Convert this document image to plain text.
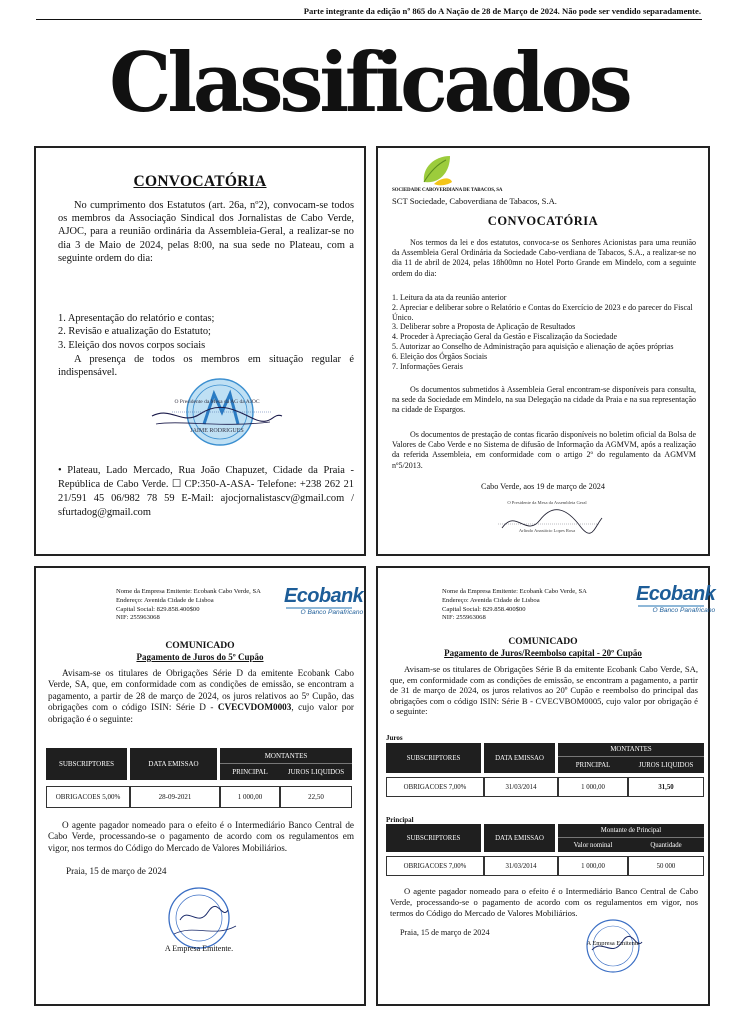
Parte integrante da edição nº 865 do A Nação de 28 de Março de 2024. Não pode ser vendido separadamente.
Classificados
CONVOCATÓRIA
No cumprimento dos Estatutos (art. 26a, nº2), convocam-se todos os membros da Associação Sindical dos Jornalistas de Cabo Verde, AJOC, para a reunião ordinária da Assembleia-Geral, a realizar-se no dia 3 de Maio de 2024, pelas 8:00, na sua sede no Plateau, com a seguinte ordem do dia:
1. Apresentação do relatório e contas;
2. Revisão e atualização do Estatuto;
3. Eleição dos novos corpos sociais
A presença de todos os membros em situação regular é indispensável.
O Presidente da Mesa da AG da AJOC
JAIME RODRIGUES
• Plateau, Lado Mercado, Rua João Chapuzet, Cidade da Praia - República de Cabo Verde. ☐ CP:350-A-ASA- Telefone: +238 262 21 21/591 45 06/982 78 59 E-Mail: ajocjornalistascv@gmail.com / sfurtadog@gmail.com
SOCIEDADE CABOVERDIANA DE TABACOS, SA
SCT Sociedade, Caboverdiana de Tabacos, S.A.
CONVOCATÓRIA
Nos termos da lei e dos estatutos, convoca-se os Senhores Acionistas para uma reunião da Assembleia Geral Ordinária da Sociedade Cabo-verdiana de Tabacos, S.A., a realizar-se no dia 11 de abril de 2024, pelas 18h00mn no Hotel Porto Grande em Mindelo, com a seguinte ordem do dia:
1. Leitura da ata da reunião anterior
2. Apreciar e deliberar sobre o Relatório e Contas do Exercício de 2023 e do parecer do Fiscal Único.
3. Deliberar sobre a Proposta de Aplicação de Resultados
4. Proceder à Apreciação Geral da Gestão e Fiscalização da Sociedade
5. Autorizar ao Conselho de Administração para aquisição e alienação de ações próprias
6. Eleição dos Órgãos Sociais
7. Informações Gerais
Os documentos submetidos à Assembleia Geral encontram-se disponíveis para consulta, na sede da Sociedade em Mindelo, na sua Delegação na cidade da Praia e na sua representação na cidade de Espargos.
Os documentos de prestação de contas ficarão disponíveis no boletim oficial da Bolsa de Valores de Cabo Verde e no Sistema de difusão de Informação da AGMVM, após a realização da referida Assembleia, em conformidade com o artigo 2º do regulamento da AGMVM nº5/2013.
Cabo Verde, aos 19 de março de 2024
O Presidente da Mesa da Assembleia Geral
Arlindo Anastácio Lopes Rosa
Nome da Empresa Emitente: Ecobank Cabo Verde, SA
Endereço: Avenida Cidade de Lisboa
Capital Social: 829.858.400$00
NIF: 255963068
Ecobank
O Banco Panafricano
COMUNICADO
Pagamento de Juros do 5º Cupão
Avisam-se os titulares de Obrigações Série D da emitente Ecobank Cabo Verde, SA, que, em conformidade com as condições de emissão, se encontram a pagamento, a partir de 28 de março de 2024, os juros relativos ao 5º Cupão, das obrigações com o código ISIN: Série D - CVECVDOM0003, cujo valor por obrigação é o seguinte:
SUBSCRIPTORES	DATA EMISSAO	MONTANTES	
		PRINCIPAL	JUROS LIQUIDOS

OBRIGACOES 5,00%	28-09-2021	1 000,00	22,50
O agente pagador nomeado para o efeito é o Intermediário Banco Central de Cabo Verde, processando-se o pagamento de acordo com os regulamentos em vigor, nos termos do Código do Mercado de Valores Mobiliários.
Praia, 15 de março de 2024
A Empresa Emitente.
Nome da Empresa Emitente: Ecobank Cabo Verde, SA
Endereço: Avenida Cidade de Lisboa
Capital Social: 829.858.400$00
NIF: 255963068
Ecobank
O Banco Panafricano
COMUNICADO
Pagamento de Juros/Reembolso capital - 20º Cupão
Avisam-se os titulares de Obrigações Série B da emitente Ecobank Cabo Verde, SA, que, em conformidade com as condições de emissão, se encontram a pagamento, a partir de 31 de março de 2024, os juros relativos ao 20º Cupão e reembolso do principal das obrigações com o código ISIN: Série B - CVECVBOM0005, cujo valor por obrigação é o seguinte:
Juros
SUBSCRIPTORES	DATA EMISSAO	MONTANTES	
		PRINCIPAL	JUROS LIQUIDOS

OBRIGACOES 7,00%	31/03/2014	1 000,00	31,50
Principal
SUBSCRIPTORES	DATA EMISSAO	Montante de Principal	
		Valor nominal	Quantidade

OBRIGACOES 7,00%	31/03/2014	1 000,00	50 000
O agente pagador nomeado para o efeito é o Intermediário Banco Central de Cabo Verde, processando-se o pagamento de acordo com os regulamentos em vigor, nos termos do Código do Mercado de Valores Mobiliários.
Praia, 15 de março de 2024
A Empresa Emitente
